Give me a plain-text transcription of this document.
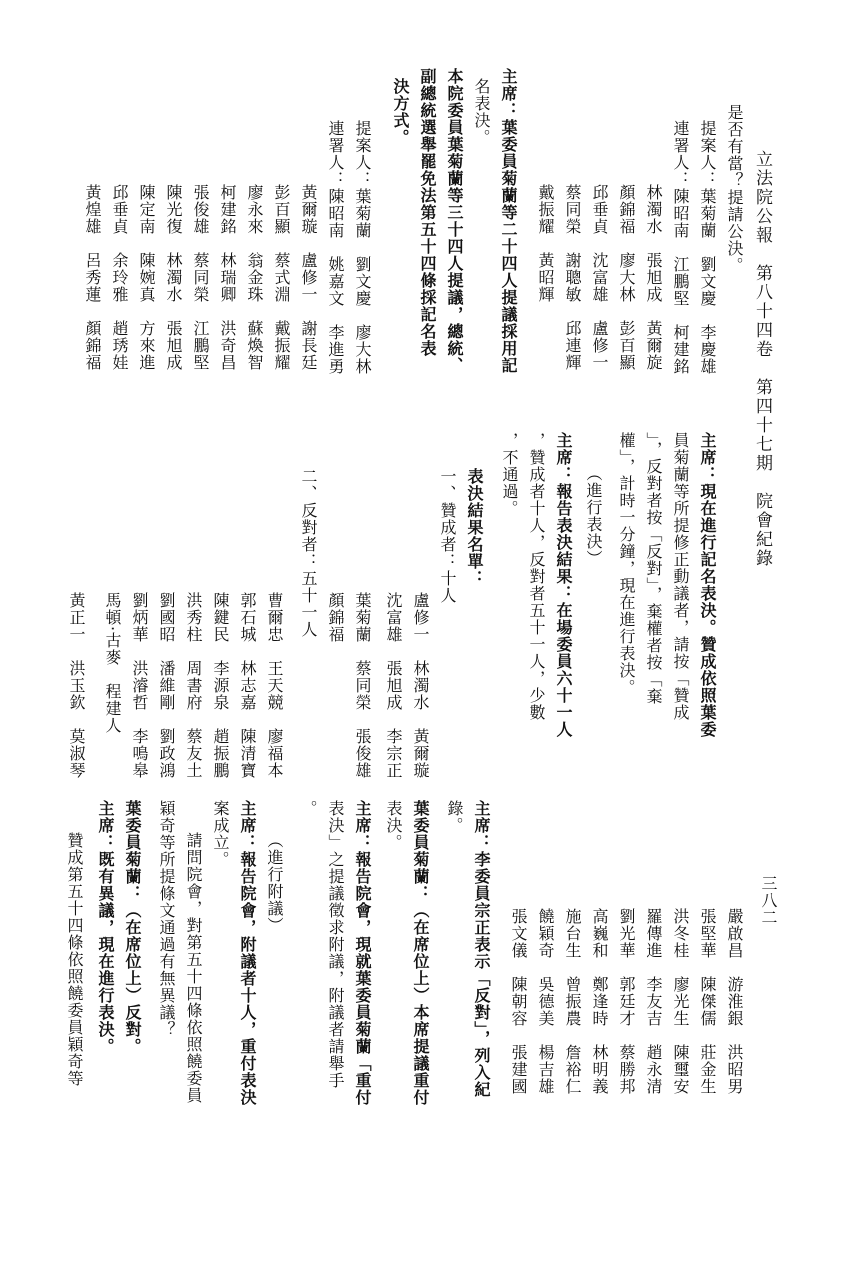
立法院公報　第八十四卷　第四十七期　院會紀錄

三八二

是否有當？提請公決。

提案人：葉菊蘭　劉文慶　李慶雄

連署人：陳昭南　江鵬堅　柯建銘

林濁水　張旭成　黃爾旋

顏錦福　廖大林　彭百顯

邱垂貞　沈富雄　盧修一

蔡同榮　謝聰敏　邱連輝

戴振耀　黃昭輝

主席：葉委員菊蘭等二十四人提議採用記

名表決。

本院委員葉菊蘭等三十四人提議，總統、

副總統選舉罷免法第五十四條採記名表

決方式。

提案人：葉菊蘭　劉文慶　廖大林

連署人：陳昭南　姚嘉文　李進勇

黃爾璇　盧修一　謝長廷

彭百顯　蔡式淵　戴振耀

廖永來　翁金珠　蘇煥智

柯建銘　林瑞卿　洪奇昌

張俊雄　蔡同榮　江鵬堅

陳光復　林濁水　張旭成

陳定南　陳婉真　方來進

邱垂貞　余玲雅　趙琇娃

黃煌雄　呂秀蓮　顏錦福

主席：現在進行記名表決。贊成依照葉委

員菊蘭等所提修正動議者，請按「贊成

」，反對者按「反對」，棄權者按「棄

權」，計時一分鐘，現在進行表決。

（進行表決）

主席：報告表決結果：在場委員六十一人

，贊成者十人，反對者五十一人，少數

，不通過。

表決結果名單：

一、贊成者：十人

盧修一　林濁水　黃爾璇

沈富雄　張旭成　李宗正

葉菊蘭　蔡同榮　張俊雄

顏錦福

二、反對者：五十一人

曹爾忠　王天競　廖福本

郭石城　林志嘉　陳清寶

陳鍵民　李源泉　趙振鵬

洪秀柱　周書府　蔡友土

劉國昭　潘維剛　劉政鴻

劉炳華　洪濬哲　李鳴皋

馬頓‧古麥　程建人

黃正一　洪玉欽　莫淑琴

嚴啟昌　游淮銀　洪昭男

張堅華　陳傑儒　莊金生

洪冬桂　廖光生　陳璽安

羅傳進　李友吉　趙永清

劉光華　郭廷才　蔡勝邦

高巍和　鄭逢時　林明義

施台生　曾振農　詹裕仁

饒穎奇　吳德美　楊吉雄

張文儀　陳朝容　張建國

主席：李委員宗正表示「反對」，列入紀

錄。

葉委員菊蘭：（在席位上）本席提議重付

表決。

主席：報告院會，現就葉委員菊蘭「重付

表決」之提議徵求附議，附議者請舉手

。

（進行附議）

主席：報告院會，附議者十人，重付表決

案成立。

請問院會，對第五十四條依照饒委員

穎奇等所提條文通過有無異議？

葉委員菊蘭：（在席位上）反對。

主席：既有異議，現在進行表決。

贊成第五十四條依照饒委員穎奇等
